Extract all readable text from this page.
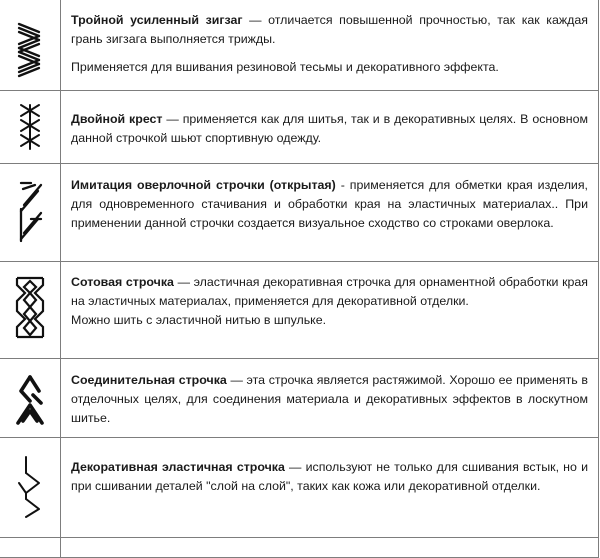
Тройной усиленный зигзаг — отличается повышенной прочностью, так как каждая грань зигзага выполняется трижды.

Применяется для вшивания резиновой тесьмы и декоративного эффекта.

Двойной крест — применяется как для шитья, так и в декоративных целях. В основном данной строчкой шьют спортивную одежду.

Имитация оверлочной строчки (открытая) - применяется для обметки края изделия, для одновременного стачивания и обработки края на эластичных материалах.. При применении данной строчки создается визуальное сходство со строками оверлока.

Сотовая строчка — эластичная декоративная строчка для орнаментной обработки края на эластичных материалах, применяется для декоративной отделки.

Можно шить с эластичной нитью в шпульке.

Соединительная строчка — эта строчка является растяжимой. Хорошо ее применять в отделочных целях, для соединения материала и декоративных эффектов в лоскутном шитье.

Декоративная эластичная строчка — используют не только для сшивания встык, но и при сшивании деталей "слой на слой", таких как кожа или декоративной отделки.
